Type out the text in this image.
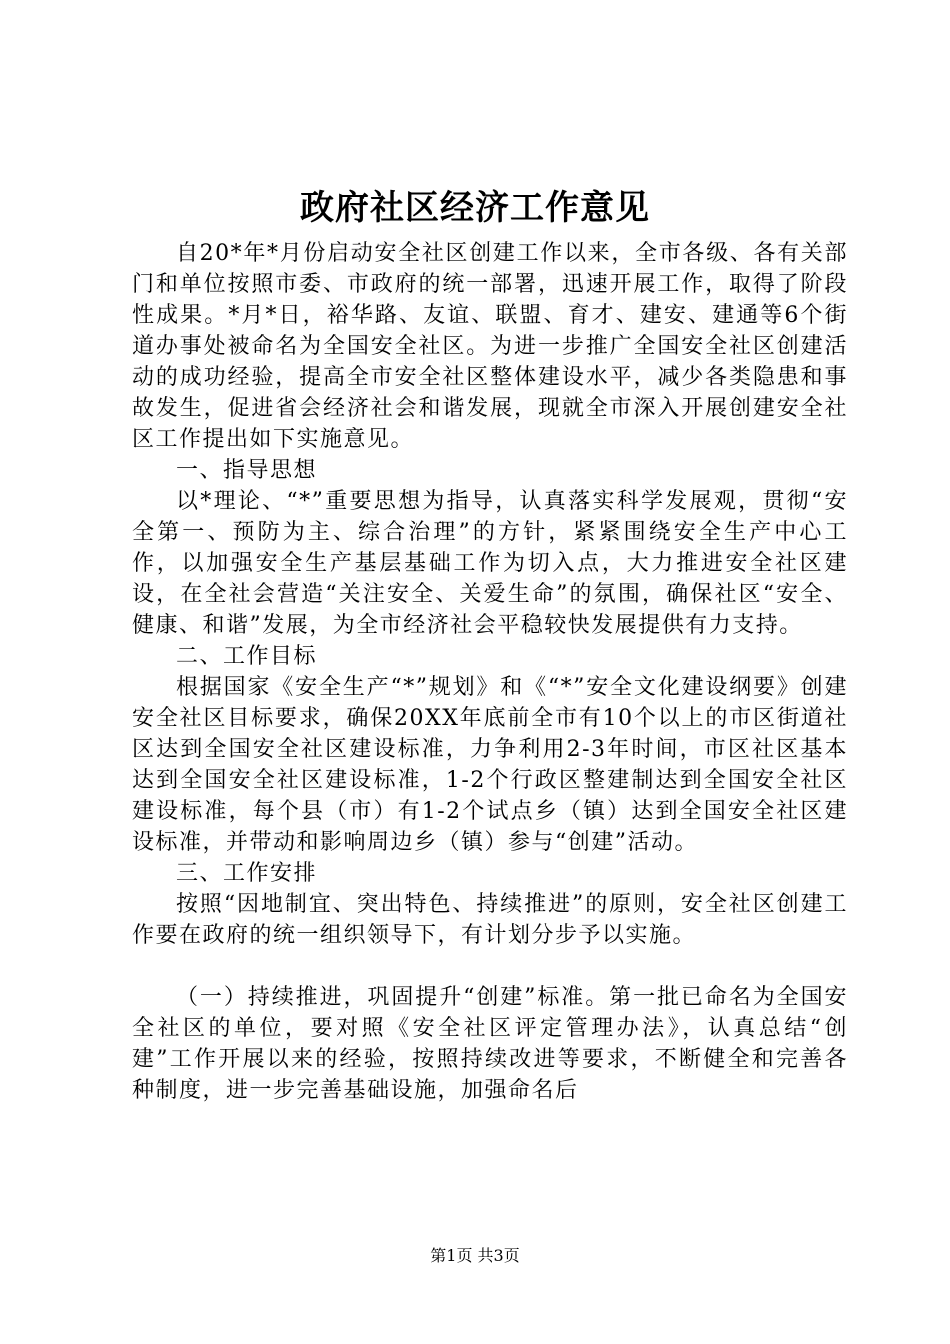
政府社区经济工作意见

自20*年*月份启动安全社区创建工作以来，全市各级、各有关部门和单位按照市委、市政府的统一部署，迅速开展工作，取得了阶段性成果。*月*日，裕华路、友谊、联盟、育才、建安、建通等6个街道办事处被命名为全国安全社区。为进一步推广全国安全社区创建活动的成功经验，提高全市安全社区整体建设水平，减少各类隐患和事故发生，促进省会经济社会和谐发展，现就全市深入开展创建安全社区工作提出如下实施意见。

一、指导思想

以*理论、“*”重要思想为指导，认真落实科学发展观，贯彻“安全第一、预防为主、综合治理”的方针，紧紧围绕安全生产中心工作，以加强安全生产基层基础工作为切入点，大力推进安全社区建设，在全社会营造“关注安全、关爱生命”的氛围，确保社区“安全、健康、和谐”发展，为全市经济社会平稳较快发展提供有力支持。

二、工作目标

根据国家《安全生产“*”规划》和《“*”安全文化建设纲要》创建安全社区目标要求，确保20XX年底前全市有10个以上的市区街道社区达到全国安全社区建设标准，力争利用2-3年时间，市区社区基本达到全国安全社区建设标准，1-2个行政区整建制达到全国安全社区建设标准，每个县（市）有1-2个试点乡（镇）达到全国安全社区建设标准，并带动和影响周边乡（镇）参与“创建”活动。

三、工作安排

按照“因地制宜、突出特色、持续推进”的原则，安全社区创建工作要在政府的统一组织领导下，有计划分步予以实施。

（一）持续推进，巩固提升“创建”标准。第一批已命名为全国安全社区的单位，要对照《安全社区评定管理办法》，认真总结“创建”工作开展以来的经验，按照持续改进等要求，不断健全和完善各种制度，进一步完善基础设施，加强命名后

第1页 共3页
